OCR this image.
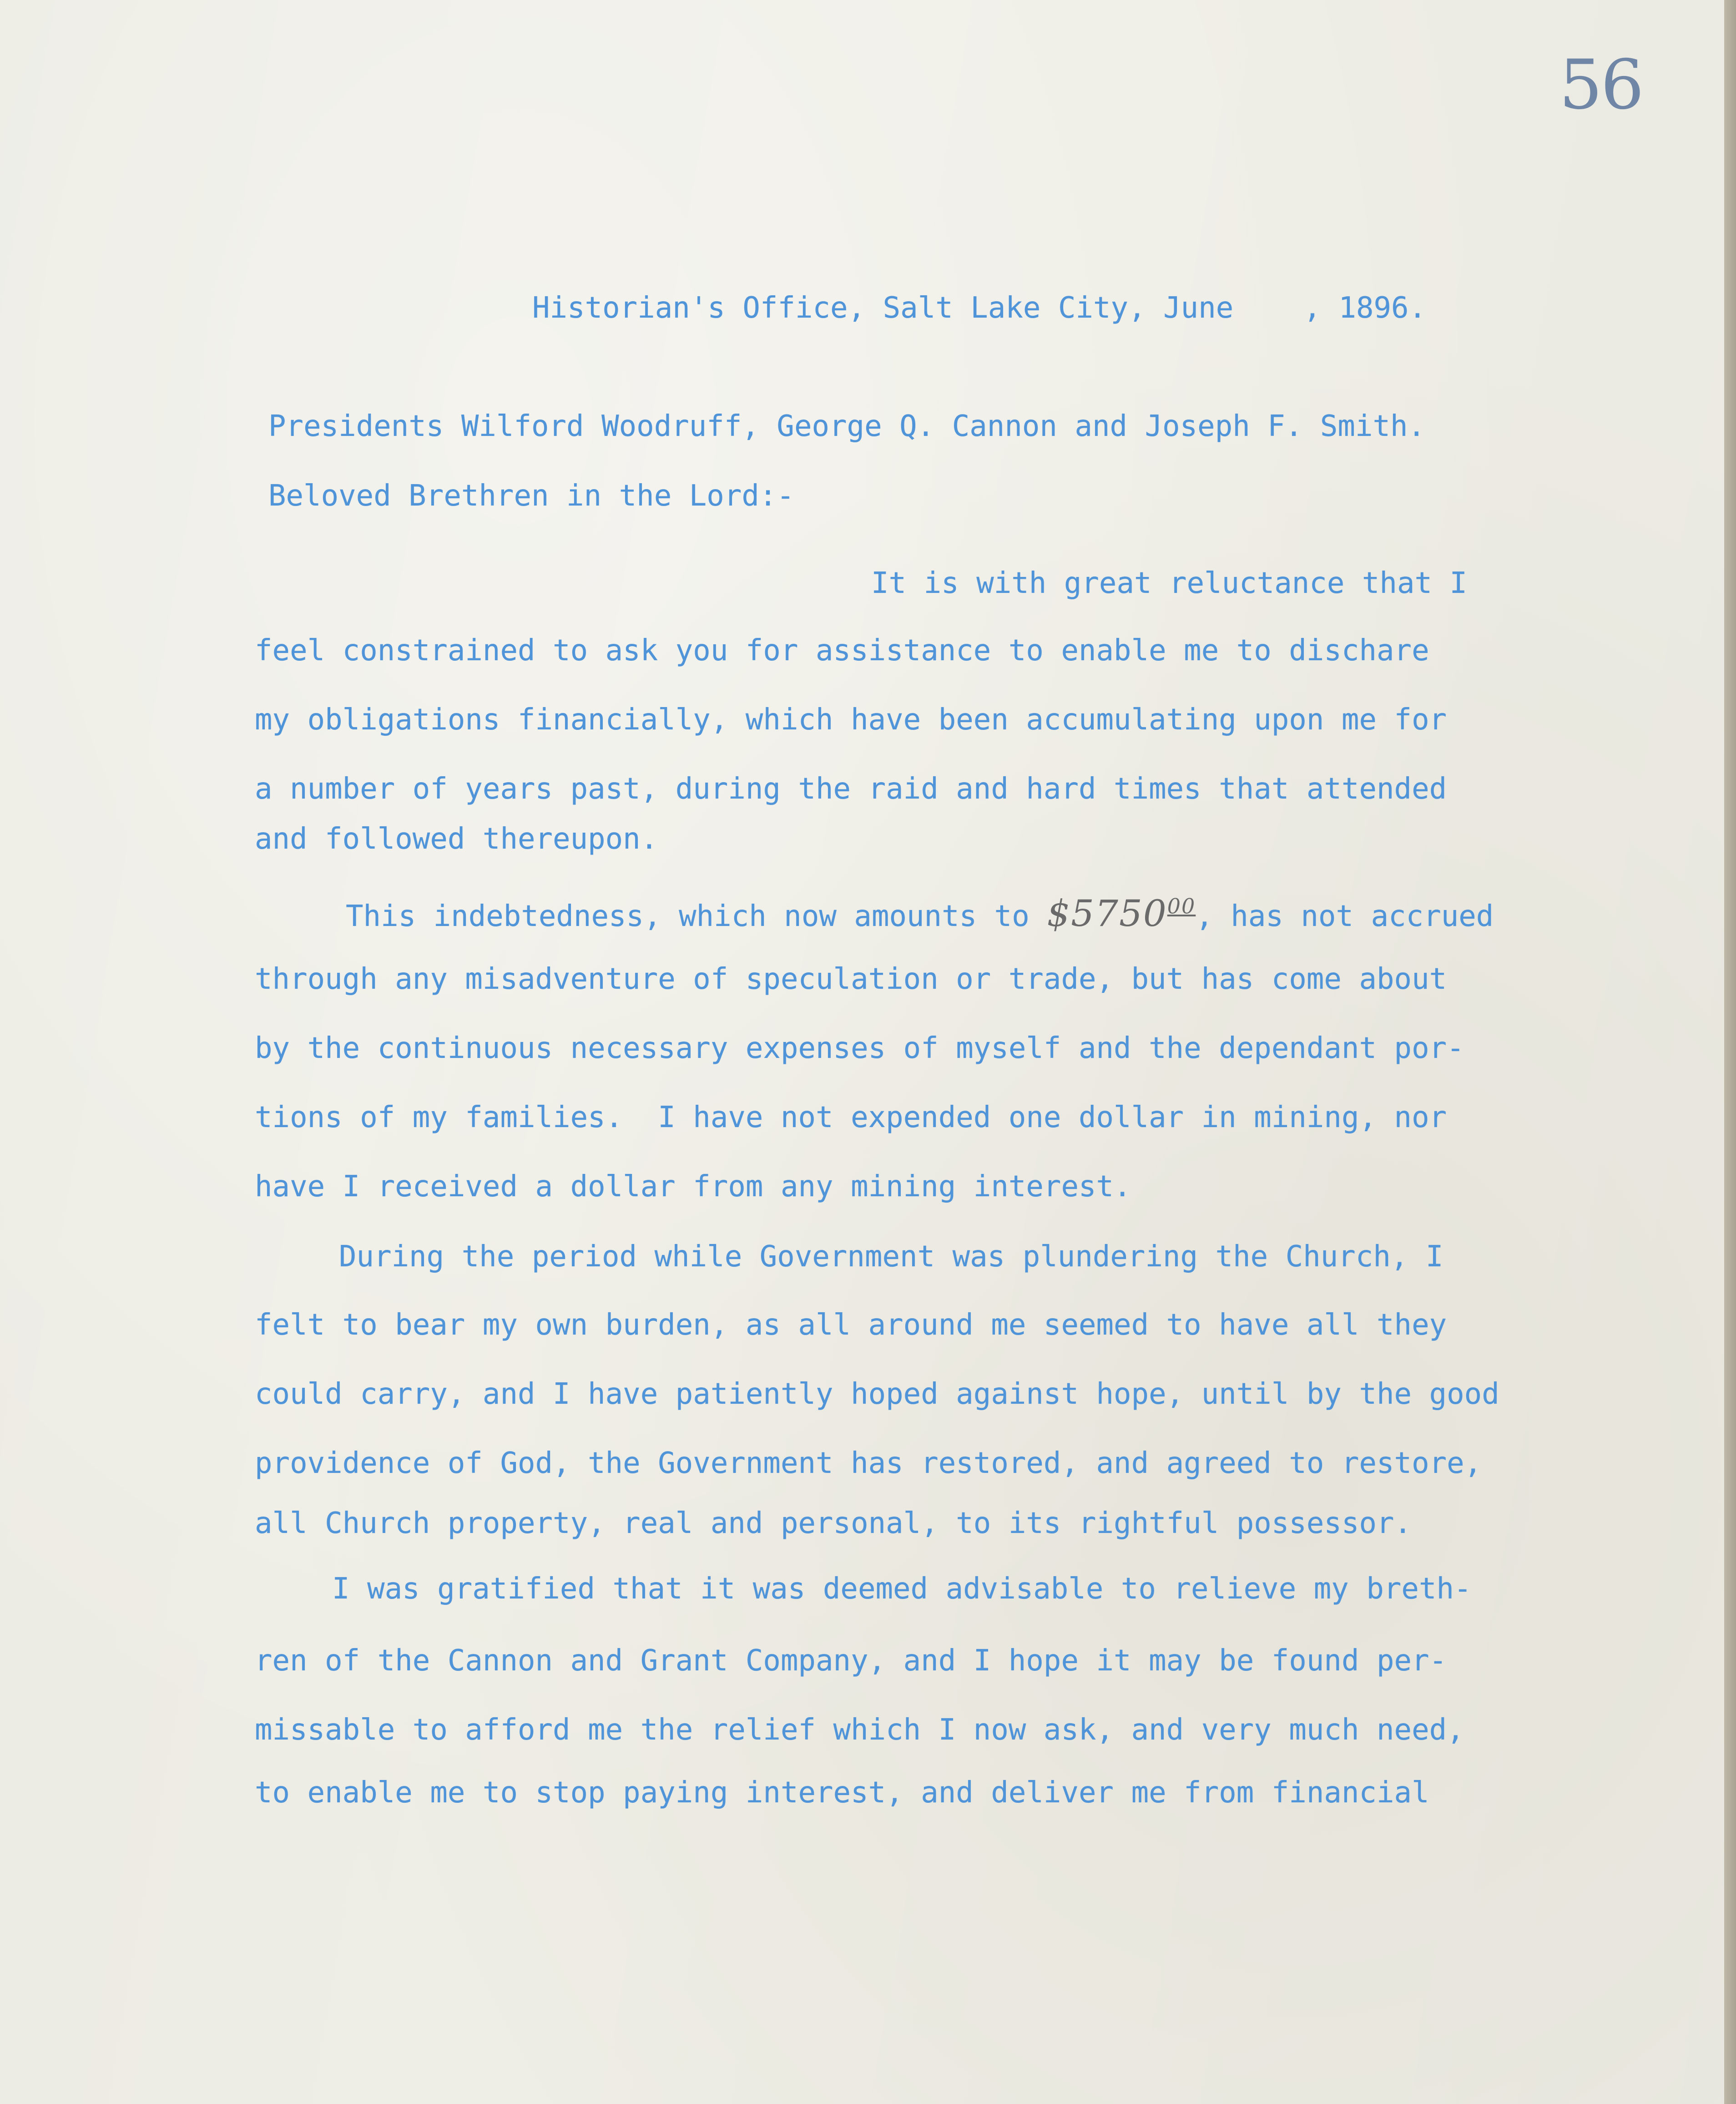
56
Historian's Office, Salt Lake City, June    , 1896.
Presidents Wilford Woodruff, George Q. Cannon and Joseph F. Smith.
Beloved Brethren in the Lord:-
It is with great reluctance that I
feel constrained to ask you for assistance to enable me to dischare
my obligations financially, which have been accumulating upon me for
a number of years past, during the raid and hard times that attended
and followed thereupon.
This indebtedness, which now amounts to $5750$^{00}$, has not accrued
through any misadventure of speculation or trade, but has come about
by the continuous necessary expenses of myself and the dependant por-
tions of my families.  I have not expended one dollar in mining, nor
have I received a dollar from any mining interest.
During the period while Government was plundering the Church, I
felt to bear my own burden, as all around me seemed to have all they
could carry, and I have patiently hoped against hope, until by the good
providence of God, the Government has restored, and agreed to restore,
all Church property, real and personal, to its rightful possessor.
I was gratified that it was deemed advisable to relieve my breth-
ren of the Cannon and Grant Company, and I hope it may be found per-
missable to afford me the relief which I now ask, and very much need,
to enable me to stop paying interest, and deliver me from financial
